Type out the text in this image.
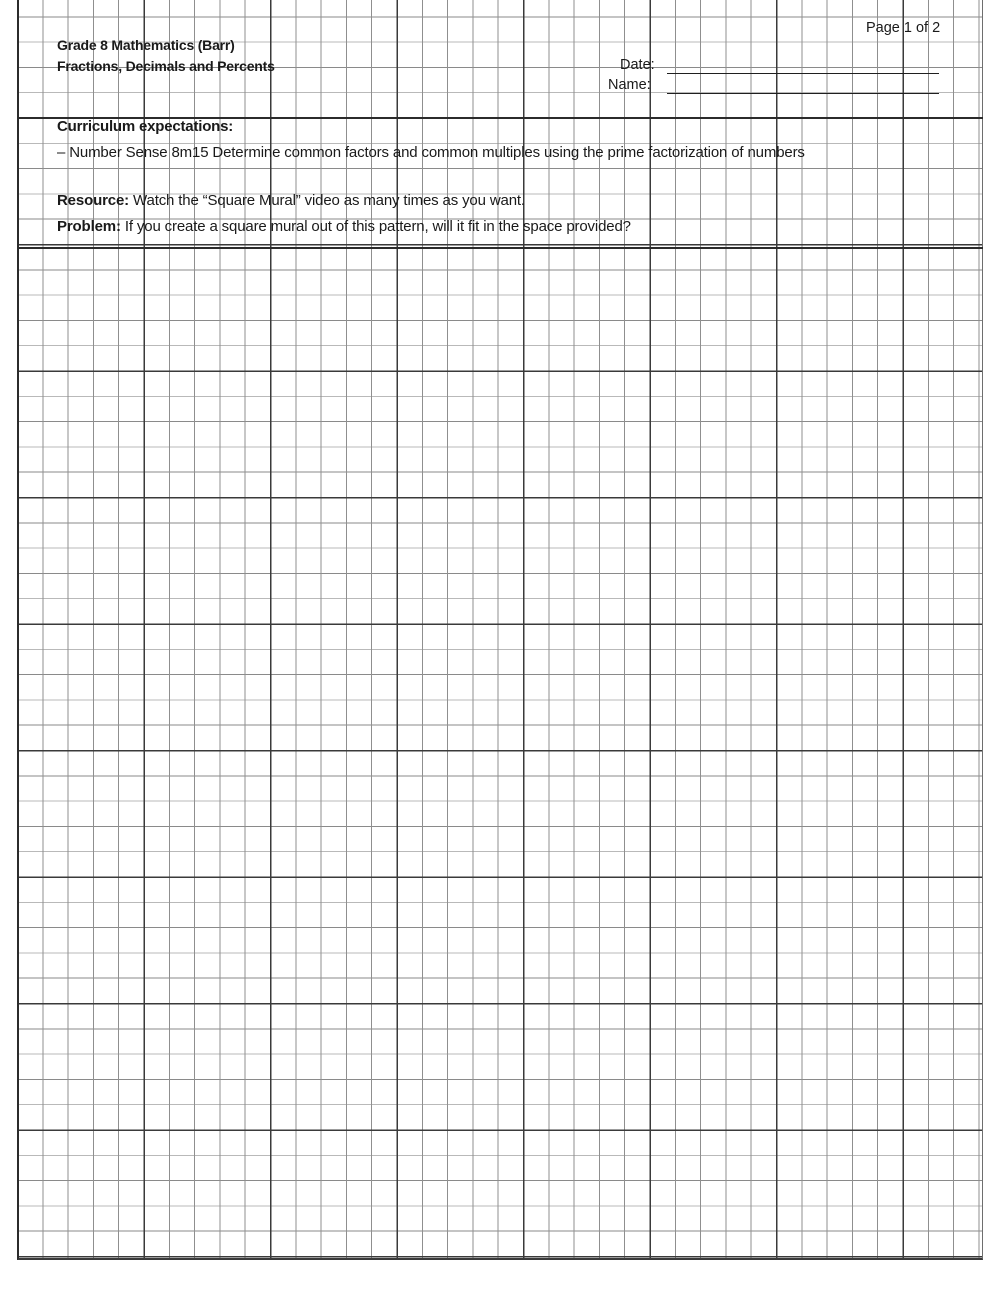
Page 1 of 2
Grade 8 Mathematics (Barr)
Fractions, Decimals and Percents	Date:
Name:
Curriculum expectations:
– Number Sense 8m15 Determine common factors and common multiples using the prime factorization of numbers
Resource: Watch the “Square Mural” video as many times as you want.
Problem: If you create a square mural out of this pattern, will it fit in the space provided?
